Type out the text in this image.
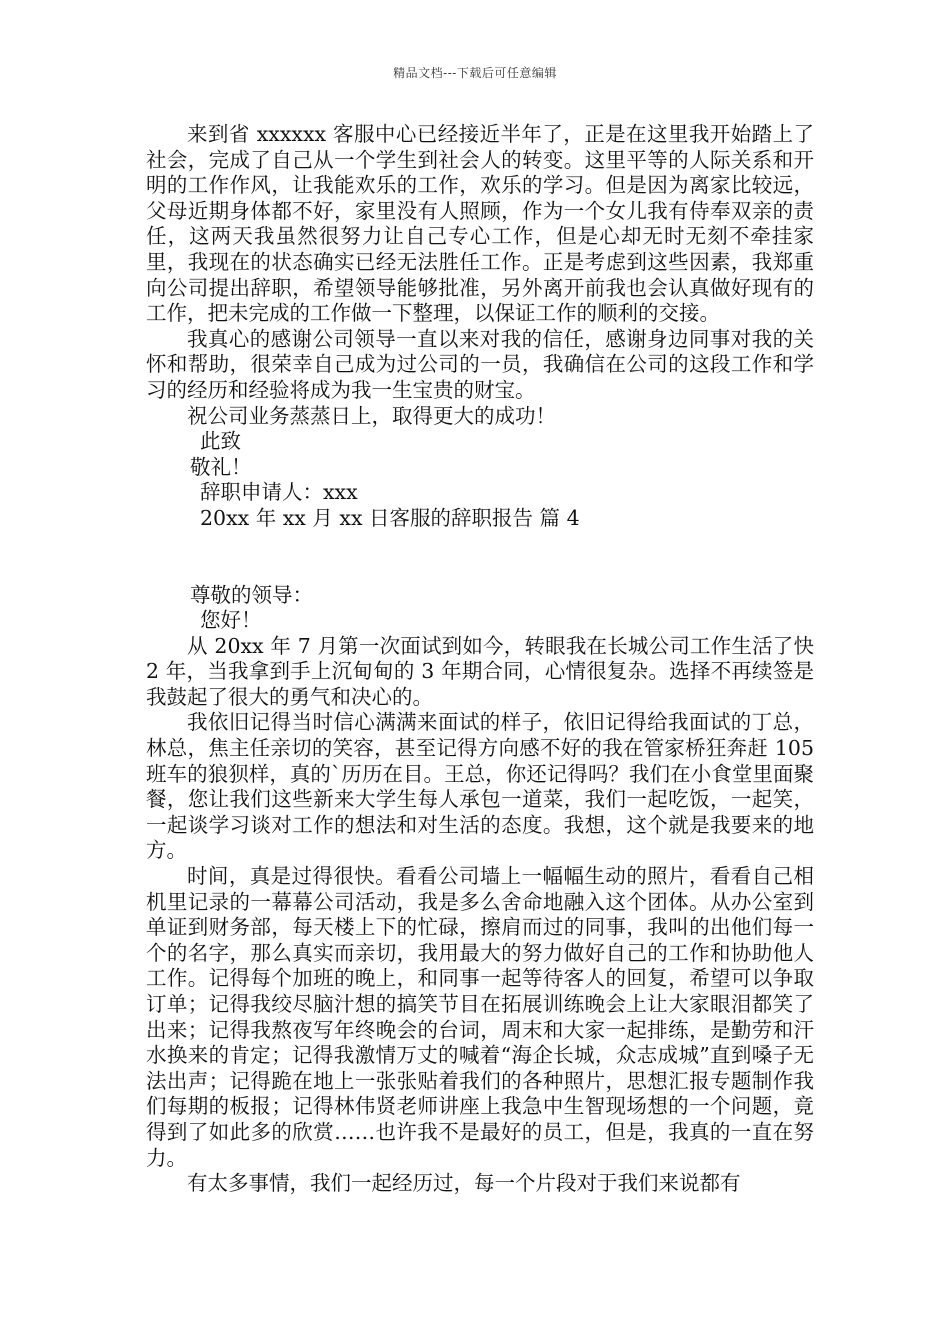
精品文档---下载后可任意编辑

来到省 xxxxxx 客服中心已经接近半年了，正是在这里我开始踏上了社会，完成了自己从一个学生到社会人的转变。这里平等的人际关系和开明的工作作风，让我能欢乐的工作，欢乐的学习。但是因为离家比较远，父母近期身体都不好，家里没有人照顾，作为一个女儿我有侍奉双亲的责任，这两天我虽然很努力让自己专心工作，但是心却无时无刻不牵挂家里，我现在的状态确实已经无法胜任工作。正是考虑到这些因素，我郑重向公司提出辞职，希望领导能够批准，另外离开前我也会认真做好现有的工作，把未完成的工作做一下整理，以保证工作的顺利的交接。

我真心的感谢公司领导一直以来对我的信任，感谢身边同事对我的关怀和帮助，很荣幸自己成为过公司的一员，我确信在公司的这段工作和学习的经历和经验将成为我一生宝贵的财宝。

祝公司业务蒸蒸日上，取得更大的成功！

此致

敬礼！

辞职申请人：xxx

20xx 年 xx 月 xx 日客服的辞职报告 篇 4

尊敬的领导：

您好！

从 20xx 年 7 月第一次面试到如今，转眼我在长城公司工作生活了快 2 年，当我拿到手上沉甸甸的 3 年期合同，心情很复杂。选择不再续签是我鼓起了很大的勇气和决心的。

我依旧记得当时信心满满来面试的样子，依旧记得给我面试的丁总，林总，焦主任亲切的笑容，甚至记得方向感不好的我在管家桥狂奔赶 105 班车的狼狈样，真的`历历在目。王总，你还记得吗？我们在小食堂里面聚餐，您让我们这些新来大学生每人承包一道菜，我们一起吃饭，一起笑，一起谈学习谈对工作的想法和对生活的态度。我想，这个就是我要来的地方。

时间，真是过得很快。看看公司墙上一幅幅生动的照片，看看自己相机里记录的一幕幕公司活动，我是多么舍命地融入这个团体。从办公室到单证到财务部，每天楼上下的忙碌，擦肩而过的同事，我叫的出他们每一个的名字，那么真实而亲切，我用最大的努力做好自己的工作和协助他人工作。记得每个加班的晚上，和同事一起等待客人的回复，希望可以争取订单；记得我绞尽脑汁想的搞笑节目在拓展训练晚会上让大家眼泪都笑了出来；记得我熬夜写年终晚会的台词，周末和大家一起排练，是勤劳和汗水换来的肯定；记得我激情万丈的喊着“海企长城，众志成城”直到嗓子无法出声；记得跪在地上一张张贴着我们的各种照片，思想汇报专题制作我们每期的板报；记得林伟贤老师讲座上我急中生智现场想的一个问题，竟得到了如此多的欣赏……也许我不是最好的员工，但是，我真的一直在努力。

有太多事情，我们一起经历过，每一个片段对于我们来说都有
